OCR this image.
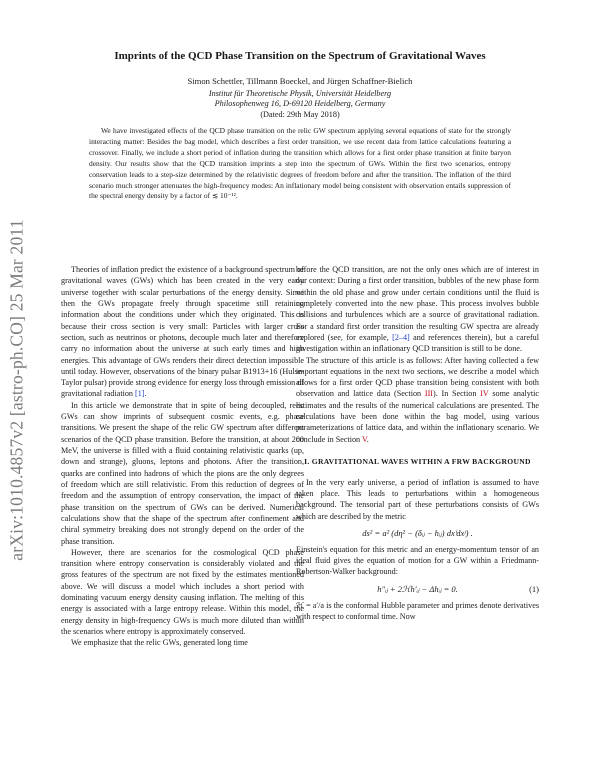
arXiv:1010.4857v2 [astro-ph.CO] 25 Mar 2011
Imprints of the QCD Phase Transition on the Spectrum of Gravitational Waves
Simon Schettler, Tillmann Boeckel, and Jürgen Schaffner-Bielich
Institut für Theoretische Physik, Universität Heidelberg
Philosophenweg 16, D-69120 Heidelberg, Germany
(Dated: 29th May 2018)
We have investigated effects of the QCD phase transition on the relic GW spectrum applying several equations of state for the strongly interacting matter: Besides the bag model, which describes a first order transition, we use recent data from lattice calculations featuring a crossover. Finally, we include a short period of inflation during the transition which allows for a first order phase transition at finite baryon density. Our results show that the QCD transition imprints a step into the spectrum of GWs. Within the first two scenarios, entropy conservation leads to a step-size determined by the relativistic degrees of freedom before and after the transition. The inflation of the third scenario much stronger attenuates the high-frequency modes: An inflationary model being consistent with observation entails suppression of the spectral energy density by a factor of ≲ 10⁻¹².

Theories of inflation predict the existence of a background spectrum of gravitational waves (GWs) which has been created in the very early universe together with scalar perturbations of the energy density. Since then the GWs propagate freely through spacetime still retaining information about the conditions under which they originated. This is because their cross section is very small: Particles with larger cross section, such as neutrinos or photons, decouple much later and therefore carry no information about the universe at such early times and high energies. This advantage of GWs renders their direct detection impossible until today. However, observations of the binary pulsar B1913+16 (Hulse-Taylor pulsar) provide strong evidence for energy loss through emission of gravitational radiation [1].

In this article we demonstrate that in spite of being decoupled, relic GWs can show imprints of subsequent cosmic events, e.g. phase transitions. We present the shape of the relic GW spectrum after different scenarios of the QCD phase transition. Before the transition, at about 200 MeV, the universe is filled with a fluid containing relativistic quarks (up, down and strange), gluons, leptons and photons. After the transition, quarks are confined into hadrons of which the pions are the only degrees of freedom which are still relativistic. From this reduction of degrees of freedom and the assumption of entropy conservation, the impact of the phase transition on the spectrum of GWs can be derived. Numerical calculations show that the shape of the spectrum after confinement and chiral symmetry breaking does not strongly depend on the order of the phase transition.

However, there are scenarios for the cosmological QCD phase transition where entropy conservation is considerably violated and the gross features of the spectrum are not fixed by the estimates mentioned above. We will discuss a model which includes a short period with dominating vacuum energy density causing inflation. The melting of this energy is associated with a large entropy release. Within this model, the energy density in high-frequency GWs is much more diluted than within the scenarios where entropy is approximately conserved.

We emphasize that the relic GWs, generated long time

before the QCD transition, are not the only ones which are of interest in our context: During a first order transition, bubbles of the new phase form within the old phase and grow under certain conditions until the fluid is completely converted into the new phase. This process involves bubble collisions and turbulences which are a source of gravitational radiation. For a standard first order transition the resulting GW spectra are already explored (see, for example, [2–4] and references therein), but a careful investigation within an inflationary QCD transition is still to be done.

The structure of this article is as follows: After having collected a few important equations in the next two sections, we describe a model which allows for a first order QCD phase transition being consistent with both observation and lattice data (Section III). In Section IV some analytic estimates and the results of the numerical calculations are presented. The calculations have been done within the bag model, using various parameterizations of lattice data, and within the inflationary scenario. We conclude in Section V.

I. GRAVITATIONAL WAVES WITHIN A FRW BACKGROUND

In the very early universe, a period of inflation is assumed to have taken place. This leads to perturbations within a homogeneous background. The tensorial part of these perturbations consists of GWs which are described by the metric

ds² = a² (dη² − (δᵢⱼ − hᵢⱼ) dxⁱdxʲ) .

Einstein's equation for this metric and an energy-momentum tensor of an ideal fluid gives the equation of motion for a GW within a Friedmann-Robertson-Walker background:

h″ᵢⱼ + 2ℋh′ᵢⱼ − Δhᵢⱼ = 0.	(1)

ℋ = a′/a is the conformal Hubble parameter and primes denote derivatives with respect to conformal time. Now
